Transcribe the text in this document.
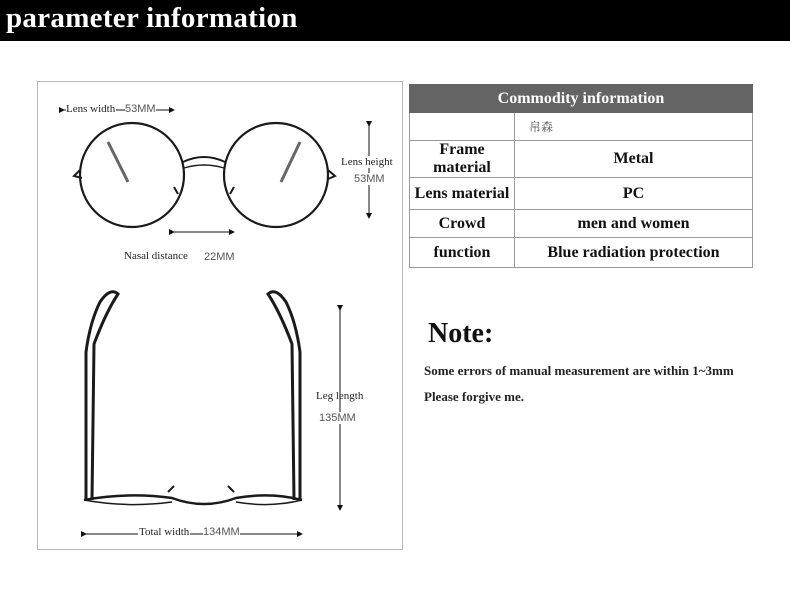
parameter information
Lens width 53MM
Lens height
53MM
Nasal distance 22MM
Leg length
135MM
Total width 134MM
Commodity information	
	帛森
Frame material	Metal
Lens material	PC
Crowd	men and women
function	Blue radiation protection
Note:
Some errors of manual measurement are within 1~3mm
Please forgive me.
